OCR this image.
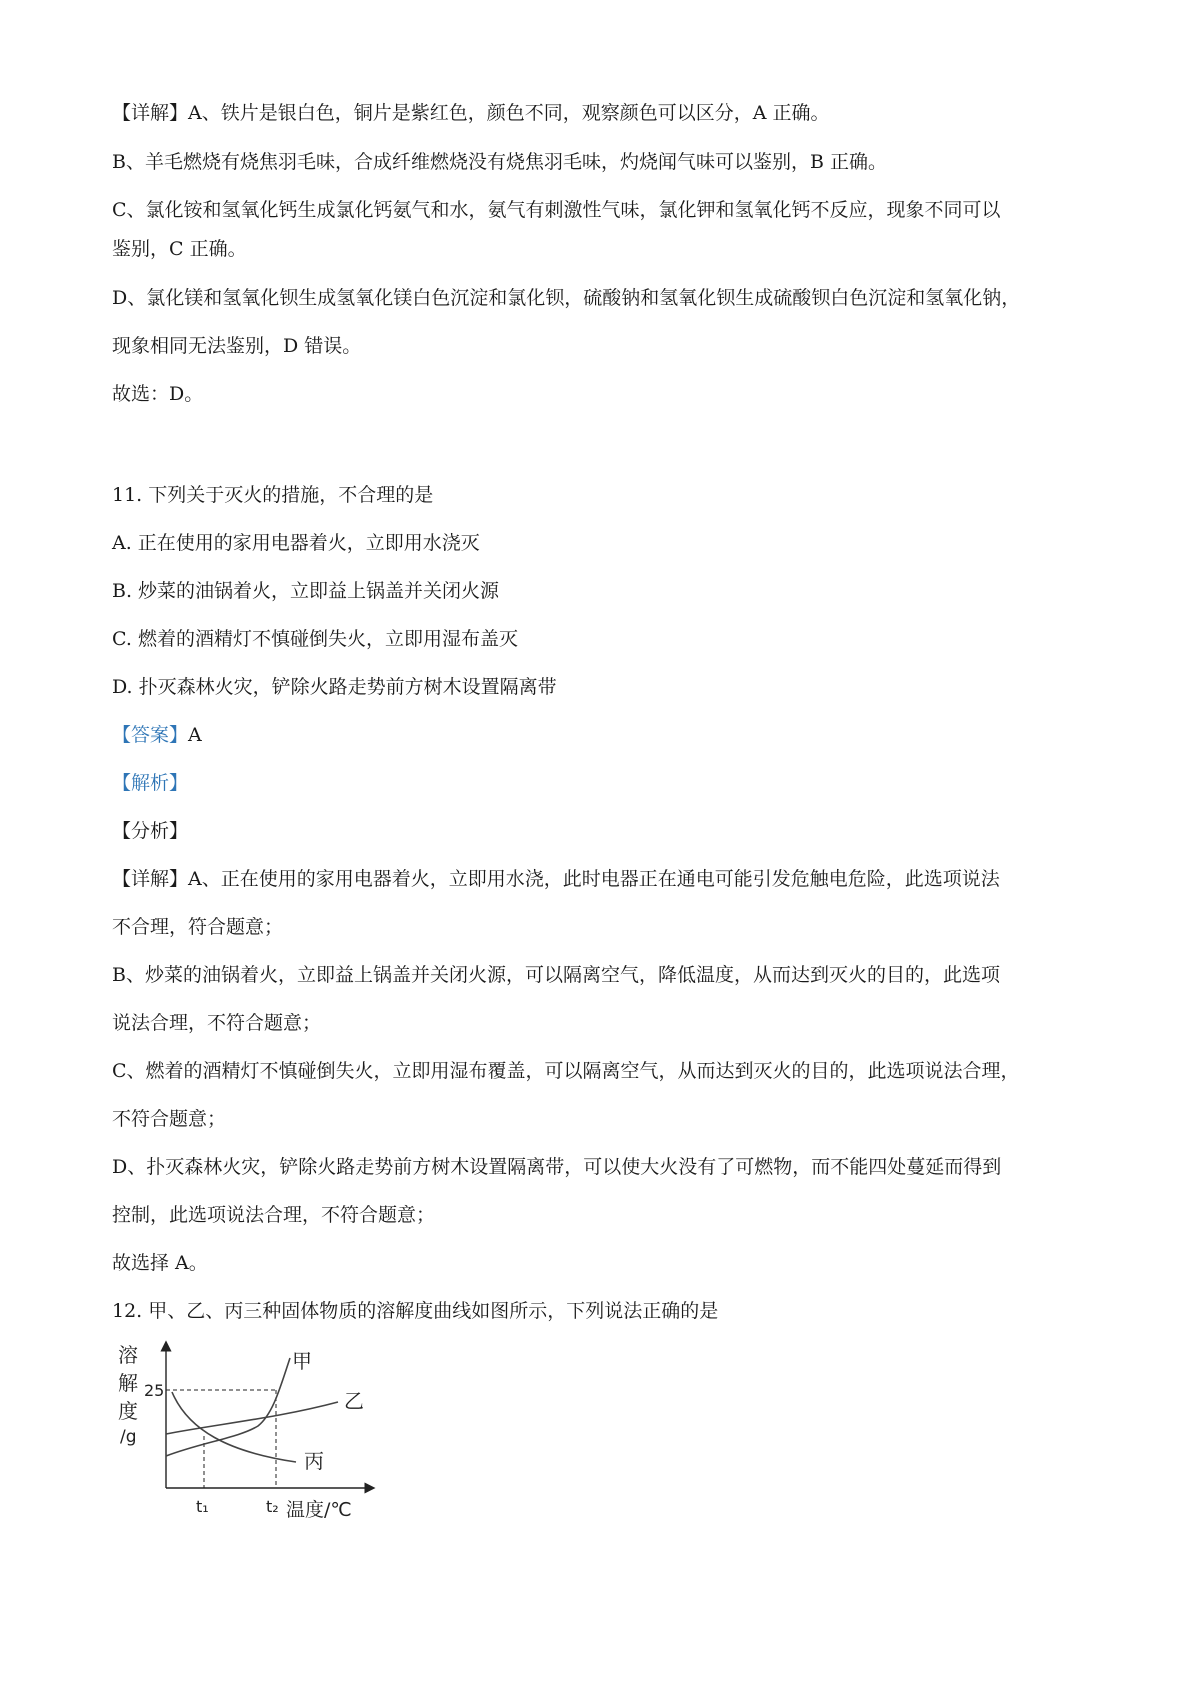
【详解】A、铁片是银白色，铜片是紫红色，颜色不同，观察颜色可以区分，A 正确。
B、羊毛燃烧有烧焦羽毛味，合成纤维燃烧没有烧焦羽毛味，灼烧闻气味可以鉴别，B 正确。
C、氯化铵和氢氧化钙生成氯化钙氨气和水，氨气有刺激性气味，氯化钾和氢氧化钙不反应，现象不同可以
鉴别，C 正确。
D、氯化镁和氢氧化钡生成氢氧化镁白色沉淀和氯化钡，硫酸钠和氢氧化钡生成硫酸钡白色沉淀和氢氧化钠，
现象相同无法鉴别，D 错误。
故选：D。
11. 下列关于灭火的措施，不合理的是
A. 正在使用的家用电器着火，立即用水浇灭
B. 炒菜的油锅着火，立即益上锅盖并关闭火源
C. 燃着的酒精灯不慎碰倒失火，立即用湿布盖灭
D. 扑灭森林火灾，铲除火路走势前方树木设置隔离带
【答案】A
【解析】
【分析】
【详解】A、正在使用的家用电器着火，立即用水浇，此时电器正在通电可能引发危触电危险，此选项说法
不合理，符合题意；
B、炒菜的油锅着火，立即益上锅盖并关闭火源，可以隔离空气，降低温度，从而达到灭火的目的，此选项
说法合理，不符合题意；
C、燃着的酒精灯不慎碰倒失火，立即用湿布覆盖，可以隔离空气，从而达到灭火的目的，此选项说法合理，
不符合题意；
D、扑灭森林火灾，铲除火路走势前方树木设置隔离带，可以使大火没有了可燃物，而不能四处蔓延而得到
控制，此选项说法合理，不符合题意；
故选择 A。
12. 甲、乙、丙三种固体物质的溶解度曲线如图所示，下列说法正确的是
溶
解
度
/g
25
甲
乙
丙
t₁	t₂ 温度/℃
